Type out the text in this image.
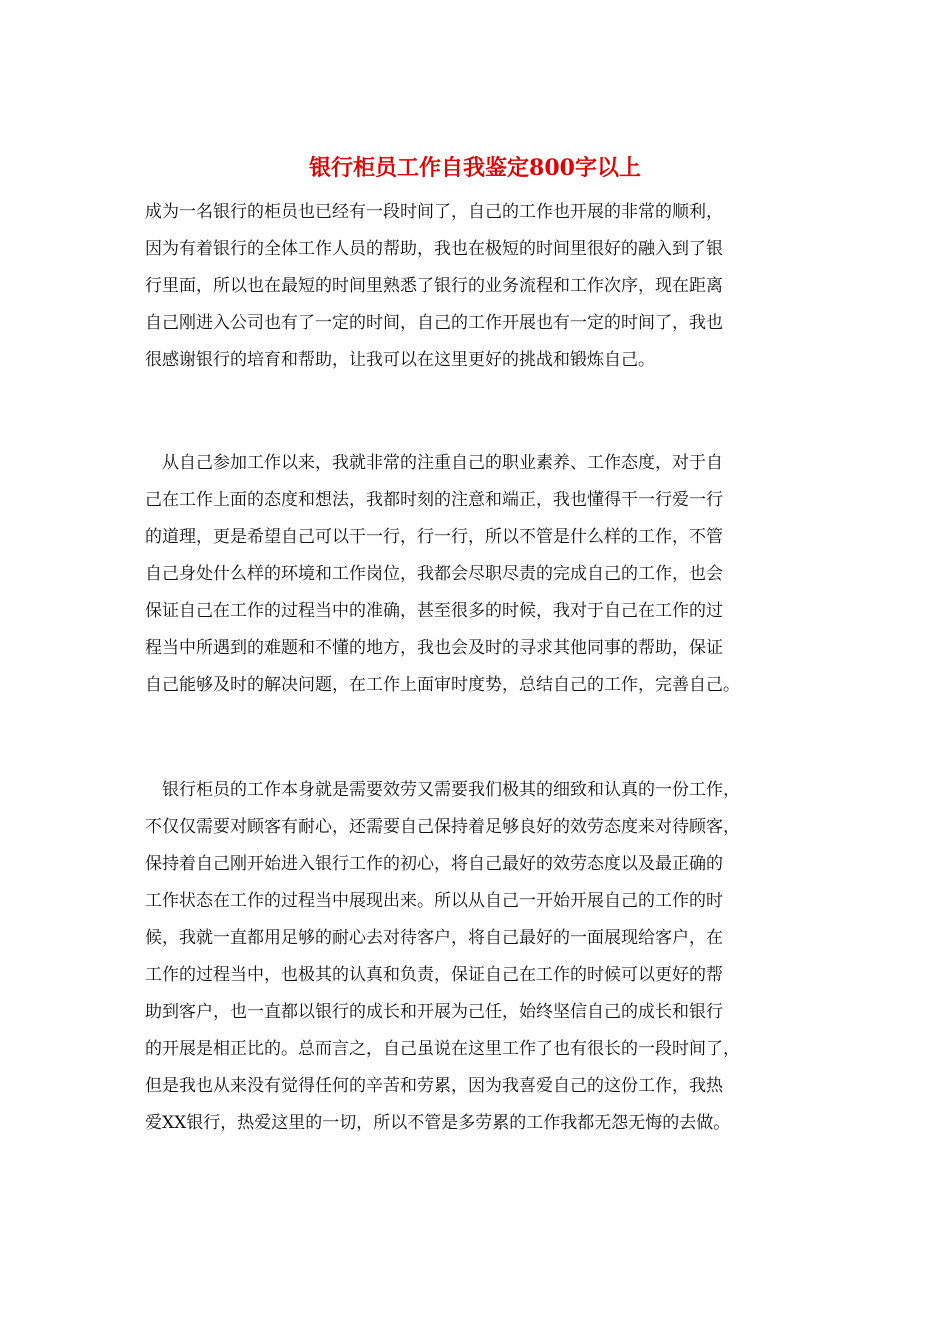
银行柜员工作自我鉴定800字以上

成为一名银行的柜员也已经有一段时间了，自己的工作也开展的非常的顺利，
因为有着银行的全体工作人员的帮助，我也在极短的时间里很好的融入到了银
行里面，所以也在最短的时间里熟悉了银行的业务流程和工作次序，现在距离
自己刚进入公司也有了一定的时间，自己的工作开展也有一定的时间了，我也
很感谢银行的培育和帮助，让我可以在这里更好的挑战和锻炼自己。

　从自己参加工作以来，我就非常的注重自己的职业素养、工作态度，对于自
己在工作上面的态度和想法，我都时刻的注意和端正，我也懂得干一行爱一行
的道理，更是希望自己可以干一行，行一行，所以不管是什么样的工作，不管
自己身处什么样的环境和工作岗位，我都会尽职尽责的完成自己的工作，也会
保证自己在工作的过程当中的准确，甚至很多的时候，我对于自己在工作的过
程当中所遇到的难题和不懂的地方，我也会及时的寻求其他同事的帮助，保证
自己能够及时的解决问题，在工作上面审时度势，总结自己的工作，完善自己。

　银行柜员的工作本身就是需要效劳又需要我们极其的细致和认真的一份工作，
不仅仅需要对顾客有耐心，还需要自己保持着足够良好的效劳态度来对待顾客，
保持着自己刚开始进入银行工作的初心，将自己最好的效劳态度以及最正确的
工作状态在工作的过程当中展现出来。所以从自己一开始开展自己的工作的时
候，我就一直都用足够的耐心去对待客户，将自己最好的一面展现给客户，在
工作的过程当中，也极其的认真和负责，保证自己在工作的时候可以更好的帮
助到客户，也一直都以银行的成长和开展为己任，始终坚信自己的成长和银行
的开展是相正比的。总而言之，自己虽说在这里工作了也有很长的一段时间了，
但是我也从来没有觉得任何的辛苦和劳累，因为我喜爱自己的这份工作，我热
爱XX银行，热爱这里的一切，所以不管是多劳累的工作我都无怨无悔的去做。
